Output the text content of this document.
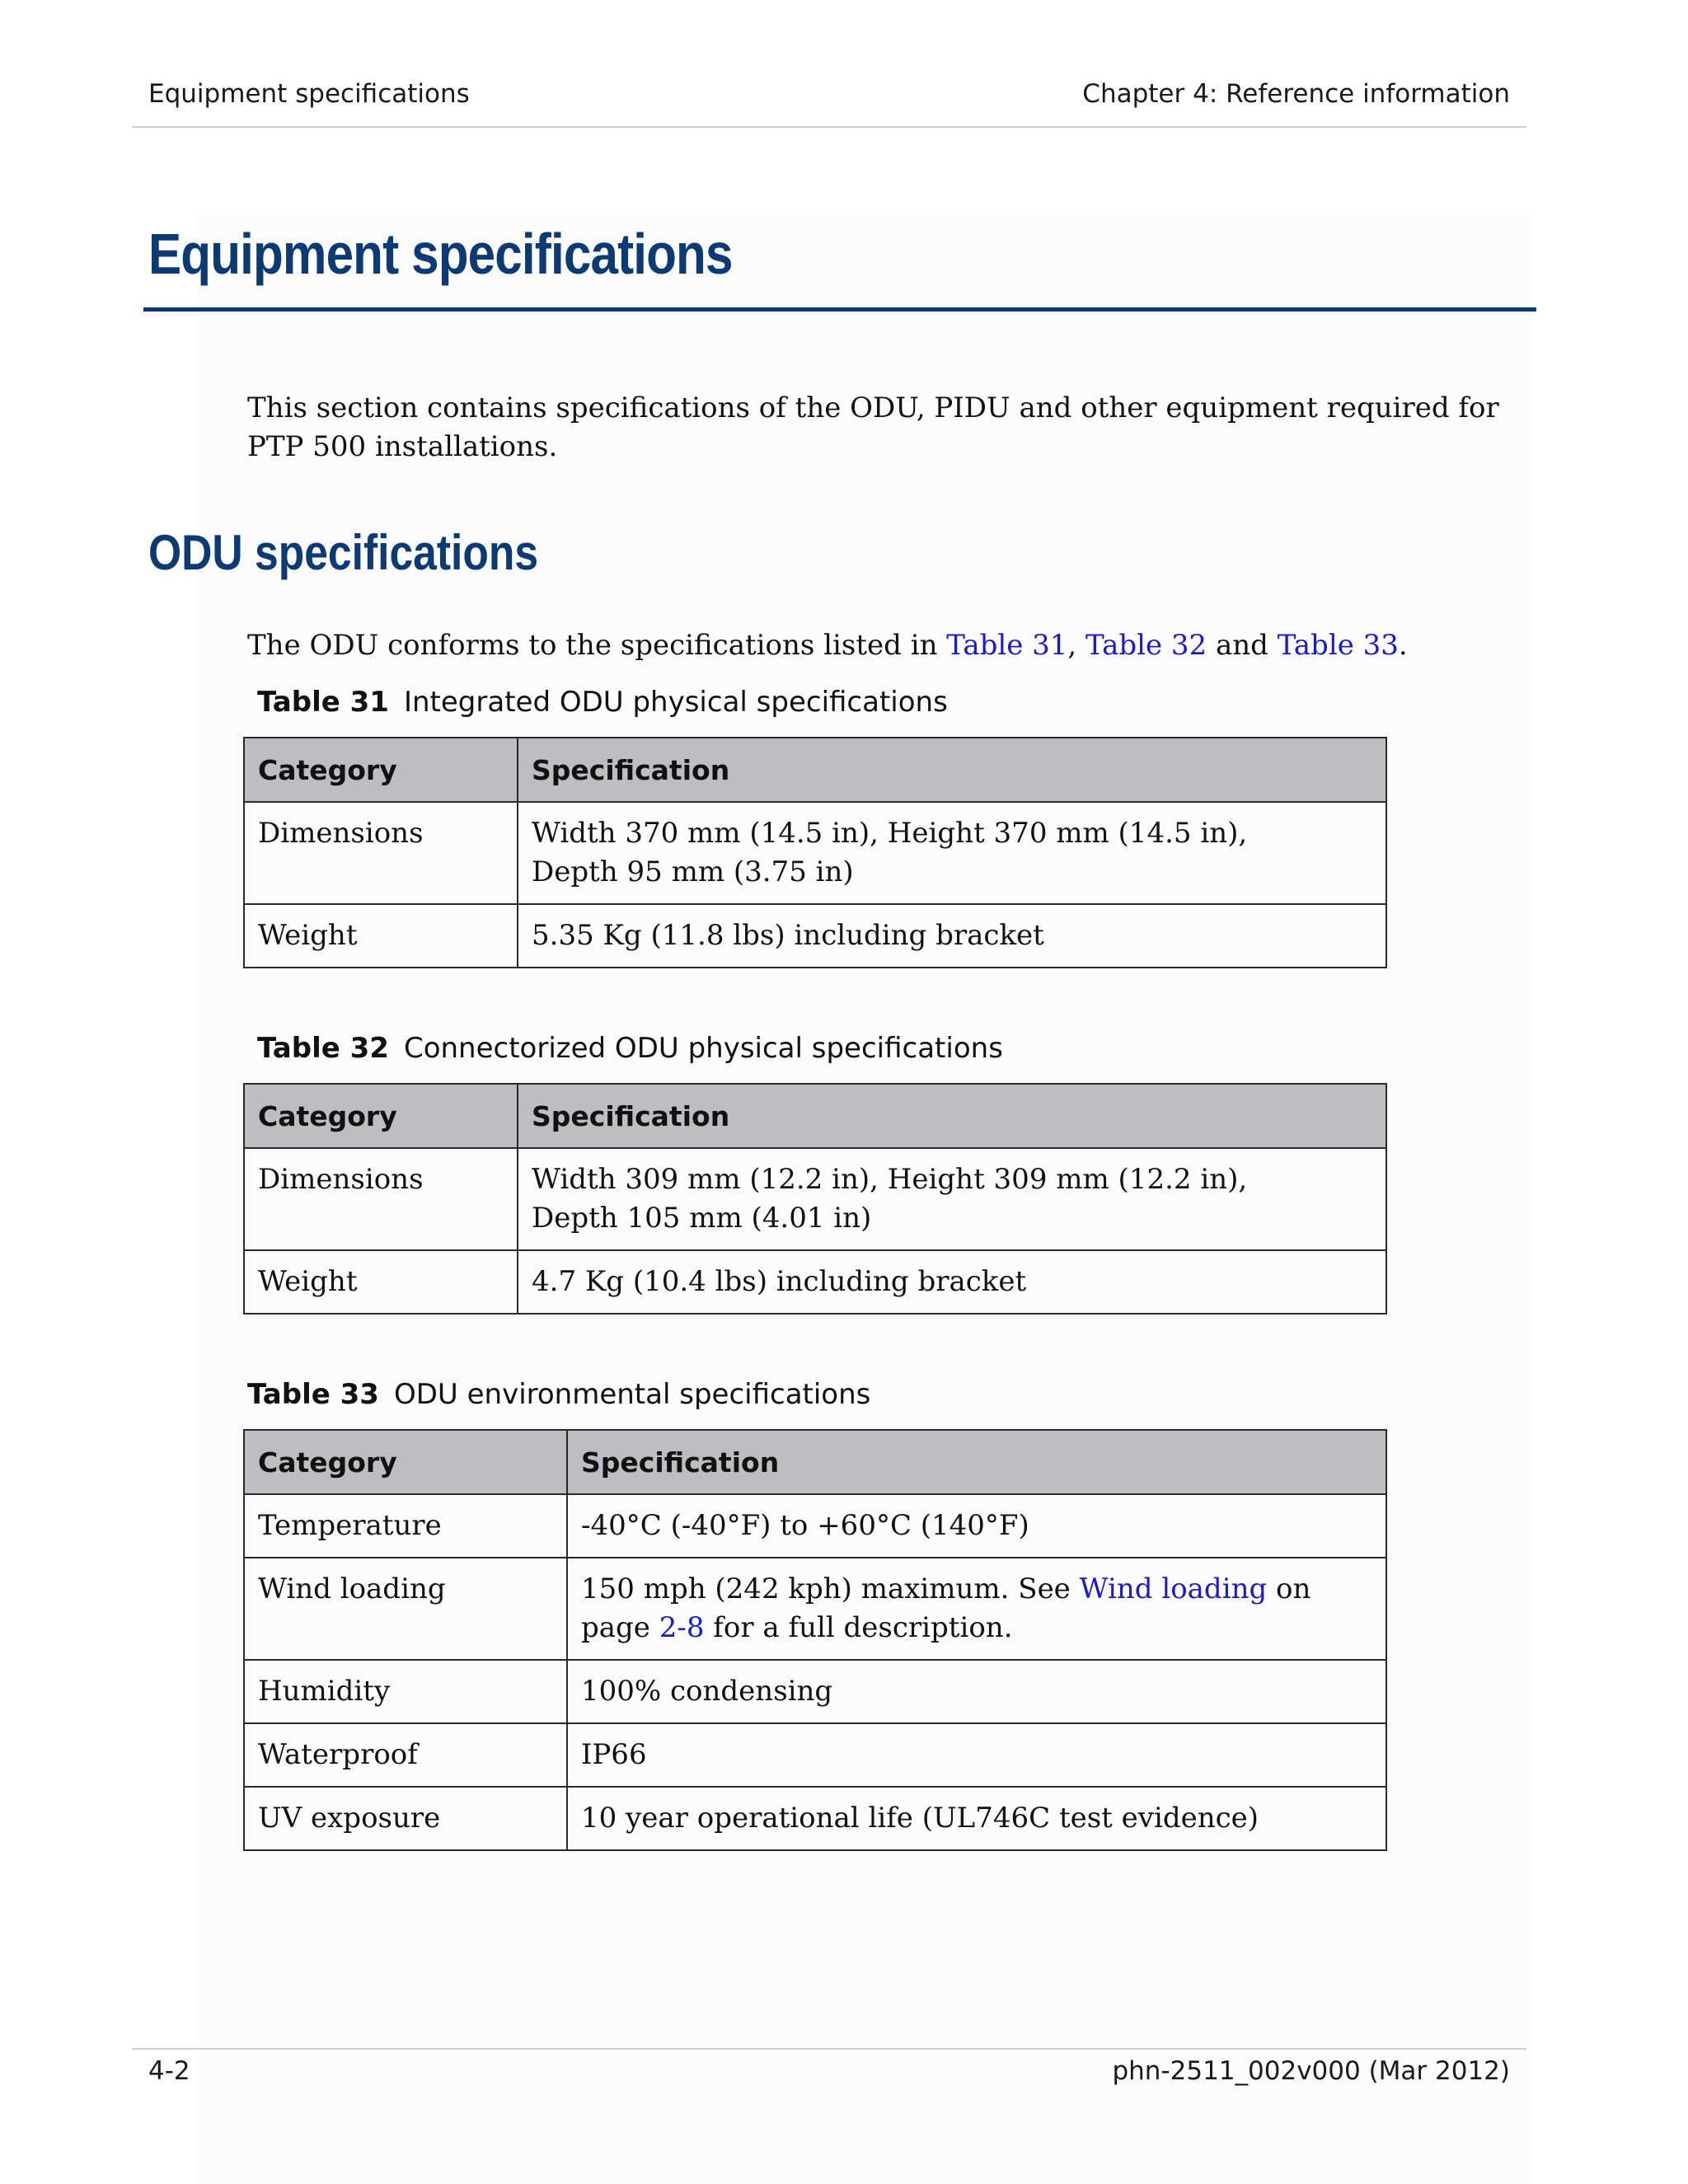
Equipment specifications	Chapter 4: Reference information
Equipment specifications

This section contains specifications of the ODU, PIDU and other equipment required for PTP 500 installations.

ODU specifications

The ODU conforms to the specifications listed in Table 31, Table 32 and Table 33.

Table 31 Integrated ODU physical specifications

Category	Specification
Dimensions	Width 370 mm (14.5 in), Height 370 mm (14.5 in),
Depth 95 mm (3.75 in)
Weight	5.35 Kg (11.8 lbs) including bracket

Table 32 Connectorized ODU physical specifications

Category	Specification
Dimensions	Width 309 mm (12.2 in), Height 309 mm (12.2 in),
Depth 105 mm (4.01 in)
Weight	4.7 Kg (10.4 lbs) including bracket

Table 33 ODU environmental specifications

Category	Specification
Temperature	-40°C (-40°F) to +60°C (140°F)
Wind loading	150 mph (242 kph) maximum. See Wind loading on
page 2-8 for a full description.
Humidity	100% condensing
Waterproof	IP66
UV exposure	10 year operational life (UL746C test evidence)
4-2	phn-2511_002v000 (Mar 2012)
